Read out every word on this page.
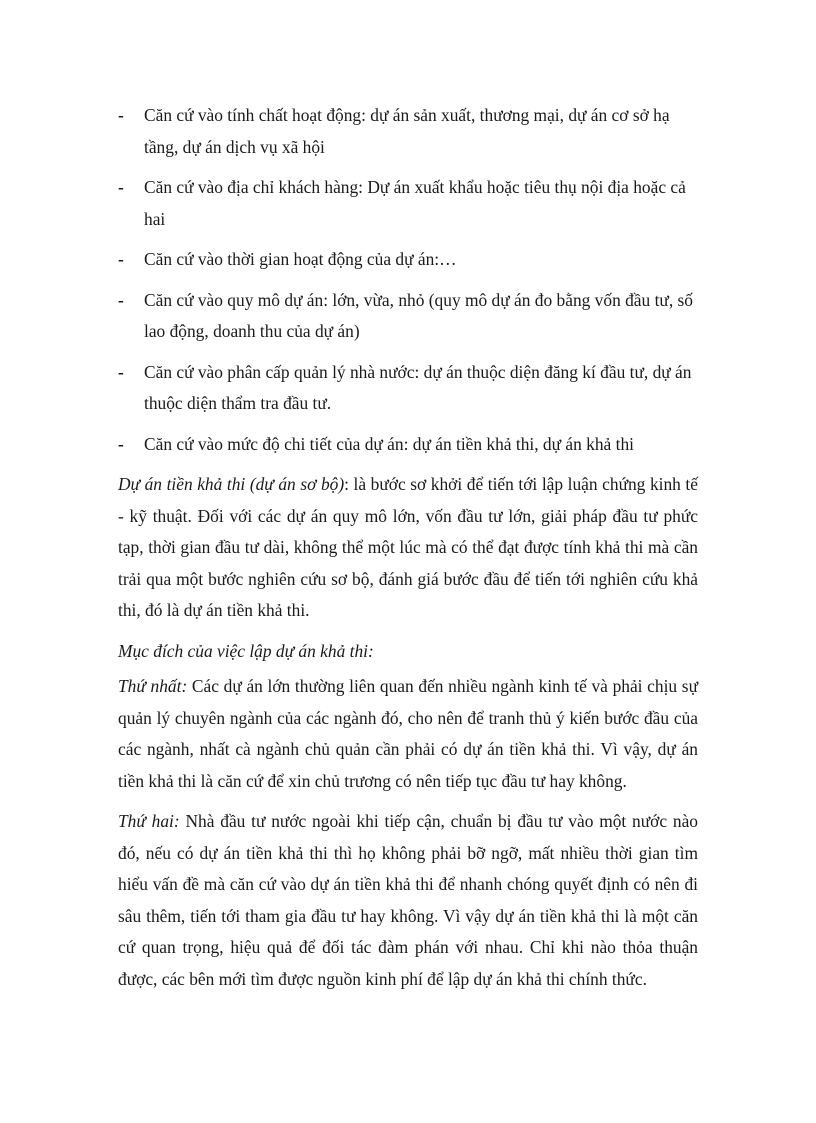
- Căn cứ vào tính chất hoạt động: dự án sản xuất, thương mại, dự án cơ sở hạ tầng, dự án dịch vụ xã hội
- Căn cứ vào địa chỉ khách hàng: Dự án xuất khẩu hoặc tiêu thụ nội địa hoặc cả hai
- Căn cứ vào thời gian hoạt động của dự án:…
- Căn cứ vào quy mô dự án: lớn, vừa, nhỏ (quy mô dự án đo bằng vốn đầu tư, số lao động, doanh thu của dự án)
- Căn cứ vào phân cấp quản lý nhà nước: dự án thuộc diện đăng kí đầu tư, dự án thuộc diện thẩm tra đầu tư.
- Căn cứ vào mức độ chi tiết của dự án: dự án tiền khả thi, dự án khả thi

Dự án tiền khả thi (dự án sơ bộ): là bước sơ khởi để tiến tới lập luận chứng kinh tế - kỹ thuật. Đối với các dự án quy mô lớn, vốn đầu tư lớn, giải pháp đầu tư phức tạp, thời gian đầu tư dài, không thể một lúc mà có thể đạt được tính khả thi mà cần trải qua một bước nghiên cứu sơ bộ, đánh giá bước đầu để tiến tới nghiên cứu khả thi, đó là dự án tiền khả thi.

Mục đích của việc lập dự án khả thi:

Thứ nhất: Các dự án lớn thường liên quan đến nhiều ngành kinh tế và phải chịu sự quản lý chuyên ngành của các ngành đó, cho nên để tranh thủ ý kiến bước đầu của các ngành, nhất cà ngành chủ quản cần phải có dự án tiền khả thi. Vì vậy, dự án tiền khả thi là căn cứ để xin chủ trương có nên tiếp tục đầu tư hay không.

Thứ hai: Nhà đầu tư nước ngoài khi tiếp cận, chuẩn bị đầu tư vào một nước nào đó, nếu có dự án tiền khả thi thì họ không phải bỡ ngỡ, mất nhiều thời gian tìm hiểu vấn đề mà căn cứ vào dự án tiền khả thi để nhanh chóng quyết định có nên đi sâu thêm, tiến tới tham gia đầu tư hay không. Vì vậy dự án tiền khả thi là một căn cứ quan trọng, hiệu quả để đối tác đàm phán với nhau. Chỉ khi nào thỏa thuận được, các bên mới tìm được nguồn kinh phí để lập dự án khả thi chính thức.
